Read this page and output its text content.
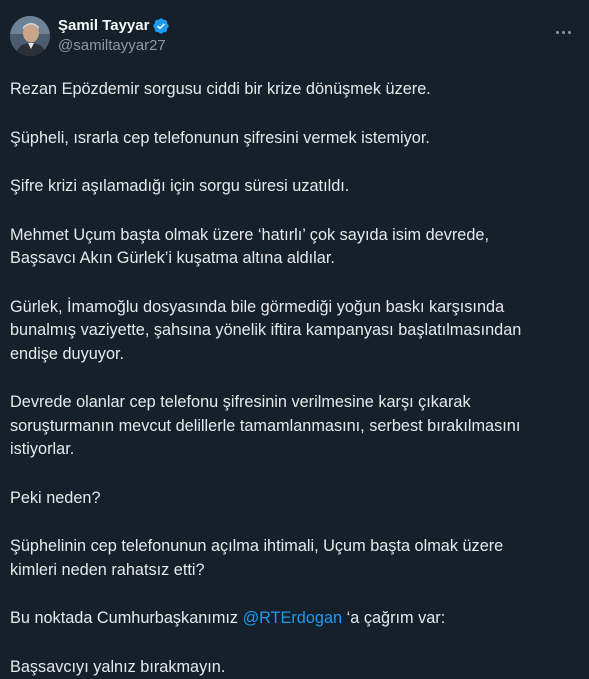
Şamil Tayyar
@samiltayyar27

Rezan Epözdemir sorgusu ciddi bir krize dönüşmek üzere.

Şüpheli, ısrarla cep telefonunun şifresini vermek istemiyor.

Şifre krizi aşılamadığı için sorgu süresi uzatıldı.

Mehmet Uçum başta olmak üzere ‘hatırlı’ çok sayıda isim devrede,
Başsavcı Akın Gürlek’i kuşatma altına aldılar.

Gürlek, İmamoğlu dosyasında bile görmediği yoğun baskı karşısında
bunalmış vaziyette, şahsına yönelik iftira kampanyası başlatılmasından
endişe duyuyor.

Devrede olanlar cep telefonu şifresinin verilmesine karşı çıkarak
soruşturmanın mevcut delillerle tamamlanmasını, serbest bırakılmasını
istiyorlar.

Peki neden?

Şüphelinin cep telefonunun açılma ihtimali, Uçum başta olmak üzere
kimleri neden rahatsız etti?

Bu noktada Cumhurbaşkanımız @RTErdogan ‘a çağrım var:

Başsavcıyı yalnız bırakmayın.
